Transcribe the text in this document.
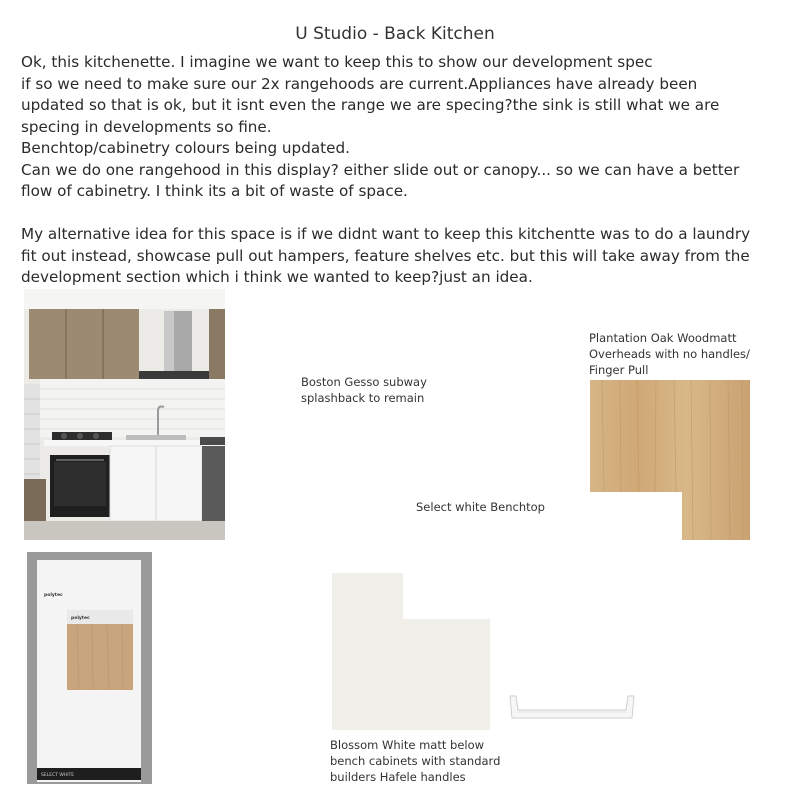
U Studio - Back Kitchen

Ok, this kitchenette. I imagine we want to keep this to show our development spec

if so we need to make sure our 2x rangehoods are current.Appliances have already been

updated so that is ok, but it isnt even the range we are specing?the sink is still what we are

specing in developments so fine.

Benchtop/cabinetry colours being updated.

Can we do one rangehood in this display? either slide out or canopy... so we can have a better

flow of cabinetry. I think its a bit of waste of space.

My alternative idea for this space is if we didnt want to keep this kitchentte was to do a laundry

fit out instead, showcase pull out hampers, feature shelves etc. but this will take away from the

development section which i think we wanted to keep?just an idea.

Plantation Oak Woodmatt
Overheads with no handles/
Finger Pull
Boston Gesso subway
splashback to remain
Select white Benchtop
polytec
polytec
SELECT WHITE
Blossom White matt below
bench cabinets with standard
builders Hafele handles
